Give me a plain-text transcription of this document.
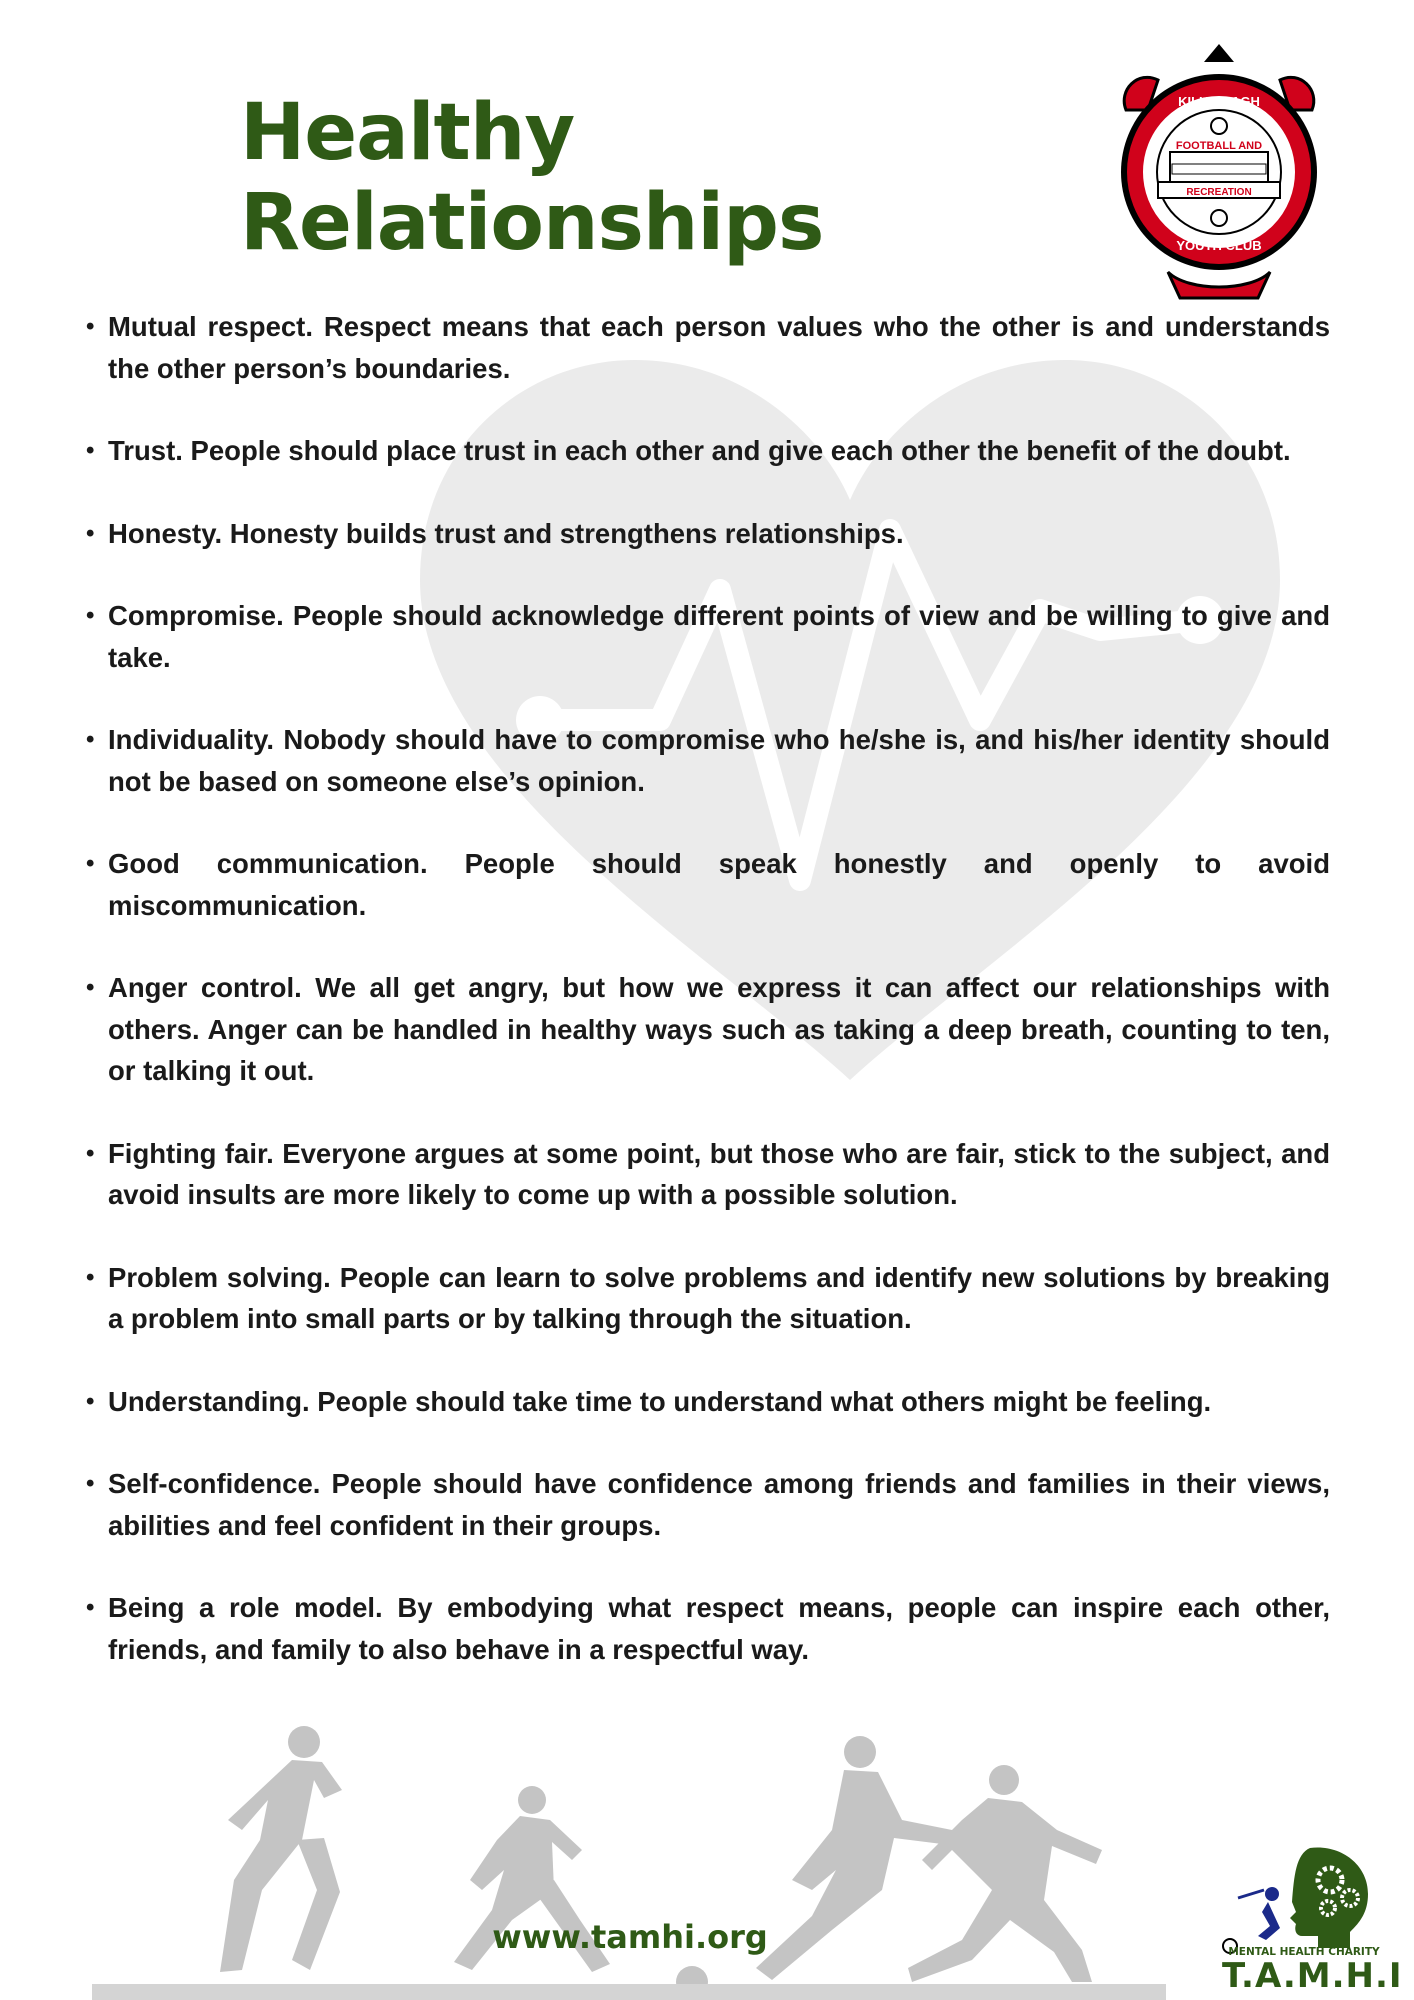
Healthy Relationships
FOOTBALL AND
RECREATION
KILLYLEAGH
YOUTH CLUB
• Mutual respect. Respect means that each person values who the other is and understands the other person’s boundaries.
• Trust. People should place trust in each other and give each other the benefit of the doubt.
• Honesty. Honesty builds trust and strengthens relationships.
• Compromise. People should acknowledge different points of view and be willing to give and take.
• Individuality. Nobody should have to compromise who he/she is, and his/her identity should not be based on someone else’s opinion.
• Good communication. People should speak honestly and openly to avoid miscommunication.
• Anger control. We all get angry, but how we express it can affect our relationships with others. Anger can be handled in healthy ways such as taking a deep breath, counting to ten, or talking it out.
• Fighting fair. Everyone argues at some point, but those who are fair, stick to the subject, and avoid insults are more likely to come up with a possible solution.
• Problem solving. People can learn to solve problems and identify new solutions by breaking a problem into small parts or by talking through the situation.
• Understanding. People should take time to understand what others might be feeling.
• Self-confidence. People should have confidence among friends and families in their views, abilities and feel confident in their groups.
• Being a role model. By embodying what respect means, people can inspire each other, friends, and family to also behave in a respectful way.
www.tamhi.org	MENTAL HEALTH CHARITY
T.A.M.H.I
